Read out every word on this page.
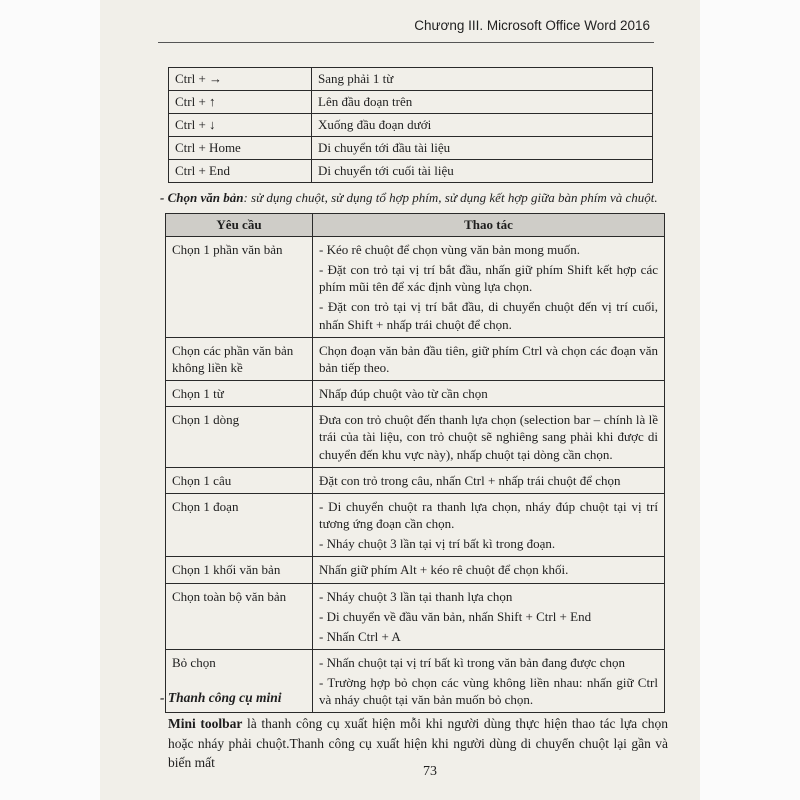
Chương III. Microsoft Office Word 2016
Ctrl + →	Sang phải 1 từ
Ctrl + ↑	Lên đầu đoạn trên
Ctrl + ↓	Xuống đầu đoạn dưới
Ctrl + Home	Di chuyển tới đầu tài liệu
Ctrl + End	Di chuyển tới cuối tài liệu
- Chọn văn bản: sử dụng chuột, sử dụng tổ hợp phím, sử dụng kết hợp giữa bàn phím và chuột.
Yêu cầu	Thao tác
Chọn 1 phần văn bản	- Kéo rê chuột để chọn vùng văn bản mong muốn.
- Đặt con trỏ tại vị trí bắt đầu, nhấn giữ phím Shift kết hợp các phím mũi tên để xác định vùng lựa chọn.
- Đặt con trỏ tại vị trí bắt đầu, di chuyển chuột đến vị trí cuối, nhấn Shift + nhấp trái chuột để chọn.

Chọn các phần văn bản không liền kề	Chọn đoạn văn bản đầu tiên, giữ phím Ctrl và chọn các đoạn văn bản tiếp theo.

Chọn 1 từ	Nhấp đúp chuột vào từ cần chọn

Chọn 1 dòng	Đưa con trỏ chuột đến thanh lựa chọn (selection bar – chính là lề trái của tài liệu, con trỏ chuột sẽ nghiêng sang phải khi được di chuyển đến khu vực này), nhấp chuột tại dòng cần chọn.

Chọn 1 câu	Đặt con trỏ trong câu, nhấn Ctrl + nhấp trái chuột để chọn

Chọn 1 đoạn	- Di chuyển chuột ra thanh lựa chọn, nháy đúp chuột tại vị trí tương ứng đoạn cần chọn.
- Nháy chuột 3 lần tại vị trí bất kì trong đoạn.

Chọn 1 khối văn bản	Nhấn giữ phím Alt + kéo rê chuột để chọn khối.

Chọn toàn bộ văn bản	- Nháy chuột 3 lần tại thanh lựa chọn
- Di chuyển về đầu văn bản, nhấn Shift + Ctrl + End
- Nhấn Ctrl + A

Bỏ chọn	- Nhấn chuột tại vị trí bất kì trong văn bản đang được chọn
- Trường hợp bỏ chọn các vùng không liền nhau: nhấn giữ Ctrl và nháy chuột tại văn bản muốn bỏ chọn.
- Thanh công cụ mini
Mini toolbar là thanh công cụ xuất hiện mỗi khi người dùng thực hiện thao tác lựa chọn hoặc nháy phải chuột.Thanh công cụ xuất hiện khi người dùng di chuyển chuột lại gần và biến mất
73
